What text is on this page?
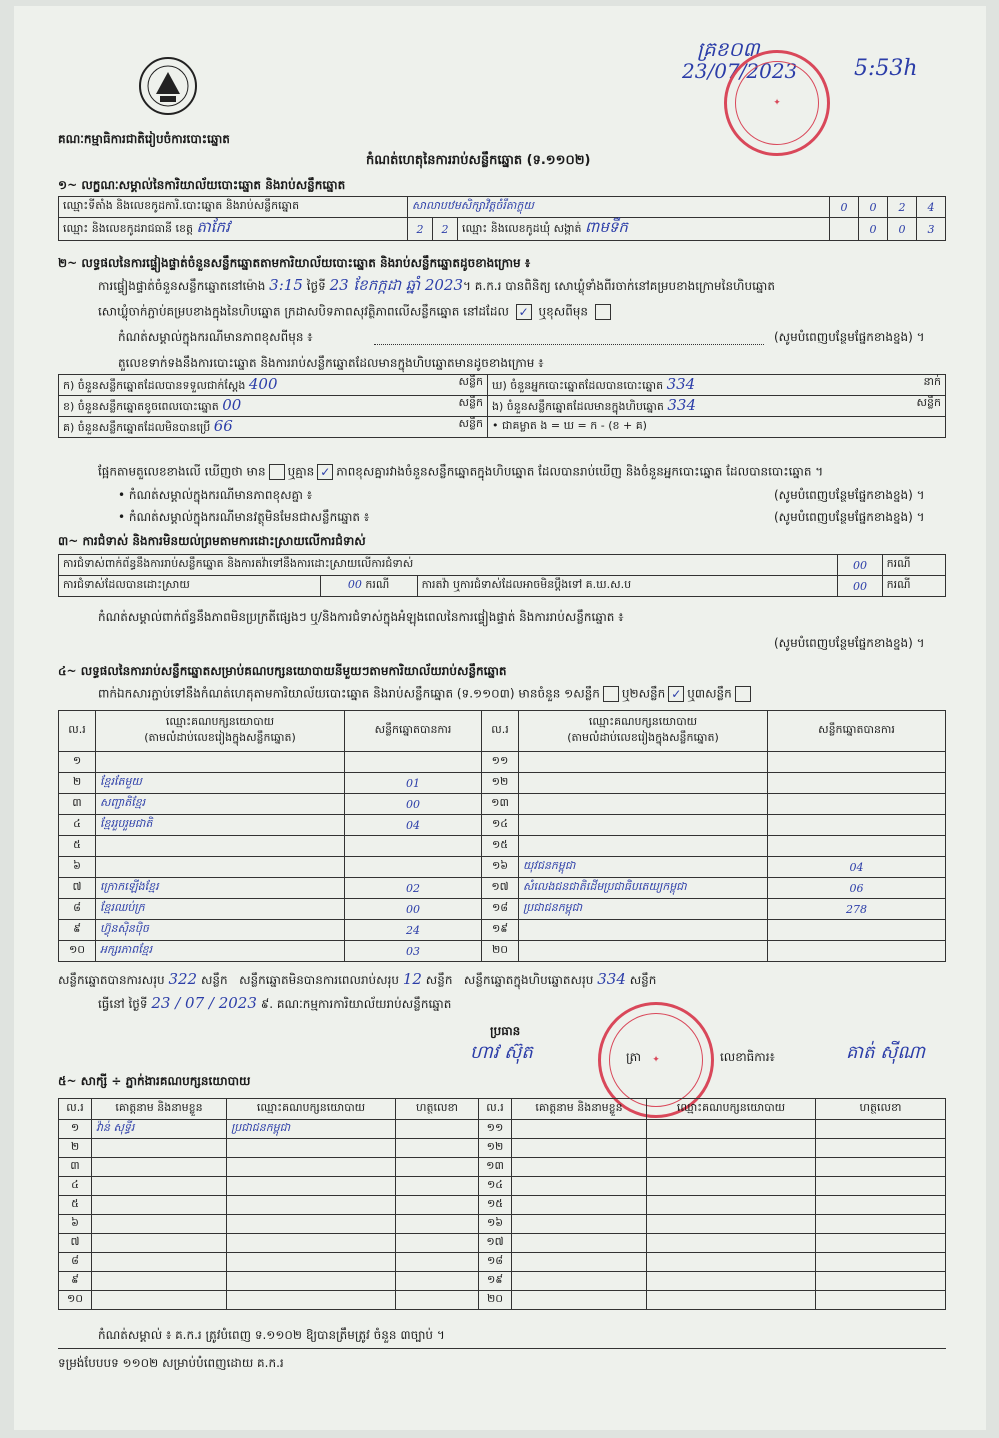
គណៈកម្មាធិការជាតិរៀបចំការបោះឆ្នោត
គ្រខ០៣
23/07/2023	5:53h
✦
កំណត់ហេតុនៃការរាប់សន្លឹកឆ្នោត (ទ.១១០២)
១~ លក្ខណៈសម្គាល់នៃការិយាល័យបោះឆ្នោត និងរាប់សន្លឹកឆ្នោត
ឈ្មោះទីតាំង និងលេខកូដការិ.បោះឆ្នោត និងរាប់សន្លឹកឆ្នោត	សាលាបឋមសិក្សាវិត្តចំរឹតាក្លុយ			0	0	2	4
ឈ្មោះ និងលេខកូដរាជធានី ខេត្ត តាកែវ	2	2	ឈ្មោះ និងលេខកូដឃុំ សង្កាត់ ពាមទឹក		0	0	3
២~ លទ្ធផលនៃការផ្ទៀងផ្ទាត់ចំនួនសន្លឹកឆ្នោតតាមការិយាល័យបោះឆ្នោត និងរាប់សន្លឹកឆ្នោតដូចខាងក្រោម ៖
ការផ្ទៀងផ្ទាត់ចំនួនសន្លឹកឆ្នោតនៅម៉ោង 3:15 ថ្ងៃទី 23 ខែកក្កដា ឆ្នាំ 2023។ គ.ក.រ បានពិនិត្យ សោឃ្លុំទាំងពីរចាក់នៅគម្របខាងក្រោមនៃហិបឆ្នោត
សោឃ្លុំចាក់ភ្ជាប់គម្របខាងក្នុងនៃហិបឆ្នោត ក្រដាសបិទភាពសុវត្ថិភាពលើសន្លឹកឆ្នោត នៅដដែល ✓ ឬខុសពីមុន
កំណត់សម្គាល់ក្នុងករណីមានភាពខុសពីមុន ៖	(សូមបំពេញបន្ថែមផ្នែកខាងខ្នង) ។
តួលេខទាក់ទងនឹងការបោះឆ្នោត និងការរាប់សន្លឹកឆ្នោតដែលមានក្នុងហិបឆ្នោតមានដូចខាងក្រោម ៖
ក) ចំនួនសន្លឹកឆ្នោតដែលបានទទួលជាក់ស្តែង 400 សន្លឹក	ឃ) ចំនួនអ្នកបោះឆ្នោតដែលបានបោះឆ្នោត 334 នាក់

ខ) ចំនួនសន្លឹកឆ្នោតខូចពេលបោះឆ្នោត 00 សន្លឹក	ង) ចំនួនសន្លឹកឆ្នោតដែលមានក្នុងហិបឆ្នោត 334 សន្លឹក

គ) ចំនួនសន្លឹកឆ្នោតដែលមិនបានប្រើ 66 សន្លឹក	• ជាគម្លាត ង = ឃ = ក - (ខ + គ)
ផ្អែកតាមតួលេខខាងលើ ឃើញថា មាន ឬគ្មាន ✓ ភាពខុសគ្នារវាងចំនួនសន្លឹកឆ្នោតក្នុងហិបឆ្នោត ដែលបានរាប់ឃើញ និងចំនួនអ្នកបោះឆ្នោត ដែលបានបោះឆ្នោត ។
• កំណត់សម្គាល់ក្នុងករណីមានភាពខុសគ្នា ៖	(សូមបំពេញបន្ថែមផ្នែកខាងខ្នង) ។
• កំណត់សម្គាល់ក្នុងករណីមានវត្ថុមិនមែនជាសន្លឹកឆ្នោត ៖	(សូមបំពេញបន្ថែមផ្នែកខាងខ្នង) ។
៣~ ការជំទាស់ និងការមិនយល់ព្រមតាមការដោះស្រាយលើការជំទាស់
ការជំទាស់ពាក់ព័ន្ធនឹងការរាប់សន្លឹកឆ្នោត និងការតវ៉ាទៅនឹងការដោះស្រាយលើការជំទាស់			00	ករណី
ការជំទាស់ដែលបានដោះស្រាយ	00 ករណី	ការតវ៉ា ឬការជំទាស់ដែលអាចមិនប្ដឹងទៅ គ.ឃ.ស.ប	00	ករណី
កំណត់សម្គាល់ពាក់ព័ន្ធនឹងភាពមិនប្រក្រតីផ្សេងៗ ឬ/និងការជំទាស់ក្នុងអំឡុងពេលនៃការផ្ទៀងផ្ទាត់ និងការរាប់សន្លឹកឆ្នោត ៖
(សូមបំពេញបន្ថែមផ្នែកខាងខ្នង) ។
៤~ លទ្ធផលនៃការរាប់សន្លឹកឆ្នោតសម្រាប់គណបក្សនយោបាយនីមួយៗតាមការិយាល័យរាប់សន្លឹកឆ្នោត
ពាក់ឯកសារភ្ជាប់ទៅនឹងកំណត់ហេតុតាមការិយាល័យបោះឆ្នោត និងរាប់សន្លឹកឆ្នោត (ទ.១១០៣) មានចំនួន ១សន្លឹក ឬ២សន្លឹក ✓ ឬ៣សន្លឹក
ល.រ	ឈ្មោះគណបក្សនយោបាយ
(តាមលំដាប់លេខរៀងក្នុងសន្លឹកឆ្នោត)	សន្លឹកឆ្នោតបានការ	ល.រ	ឈ្មោះគណបក្សនយោបាយ
(តាមលំដាប់លេខរៀងក្នុងសន្លឹកឆ្នោត)	សន្លឹកឆ្នោតបានការ
១			១១		
២	ខ្មែរតែមួយ	01	១២		
៣	សញ្ជាតិខ្មែរ	00	១៣		
៤	ខ្មែររួបរួមជាតិ	04	១៤		
៥			១៥		
៦			១៦	យុវជនកម្ពុជា	04
៧	ក្រោកឡើងខ្មែរ	02	១៧	សំលេងជនជាតិដើមប្រជាធិបតេយ្យកម្ពុជា	06
៨	ខ្មែរឈប់ក្រ	00	១៨	ប្រជាជនកម្ពុជា	278
៩	ហ៊្វុនស៊ិនប៉ិច	24	១៩		
១០	អក្សរភាពខ្មែរ	03	២០		
សន្លឹកឆ្នោតបានការសរុប 322 សន្លឹក សន្លឹកឆ្នោតមិនបានការពេលរាប់សរុប 12 សន្លឹក សន្លឹកឆ្នោតក្នុងហិបឆ្នោតសរុប 334 សន្លឹក
ធ្វើនៅ ថ្ងៃទី 23 / 07 / 2023 ៩. គណៈកម្មការការិយាល័យរាប់សន្លឹកឆ្នោត
ប្រធាន
ហាវ ស៊ុត	ត្រា ✦	លេខាធិការ៖	គាត់ ស៊ីណា
៥~ សាក្សី ÷ ភ្នាក់ងារគណបក្សនយោបាយ
ល.រ	គោត្តនាម និងនាមខ្លួន	ឈ្មោះគណបក្សនយោបាយ	ហត្ថលេខា	ល.រ	គោត្តនាម និងនាមខ្លួន	ឈ្មោះគណបក្សនយោបាយ	ហត្ថលេខា
១	វ៉ាន់ សុទ្ធីរ	ប្រជាជនកម្ពុជា		១១			
២				១២			
៣				១៣			
៤				១៤			
៥				១៥			
៦				១៦			
៧				១៧			
៨				១៨			
៩				១៩			
១០				២០			
កំណត់សម្គាល់ ៖ គ.ក.រ ត្រូវបំពេញ ទ.១១០២ ឱ្យបានត្រឹមត្រូវ ចំនួន ៣ច្បាប់ ។
ទម្រង់បែបបទ ១១០២ សម្រាប់បំពេញដោយ គ.ក.រ
